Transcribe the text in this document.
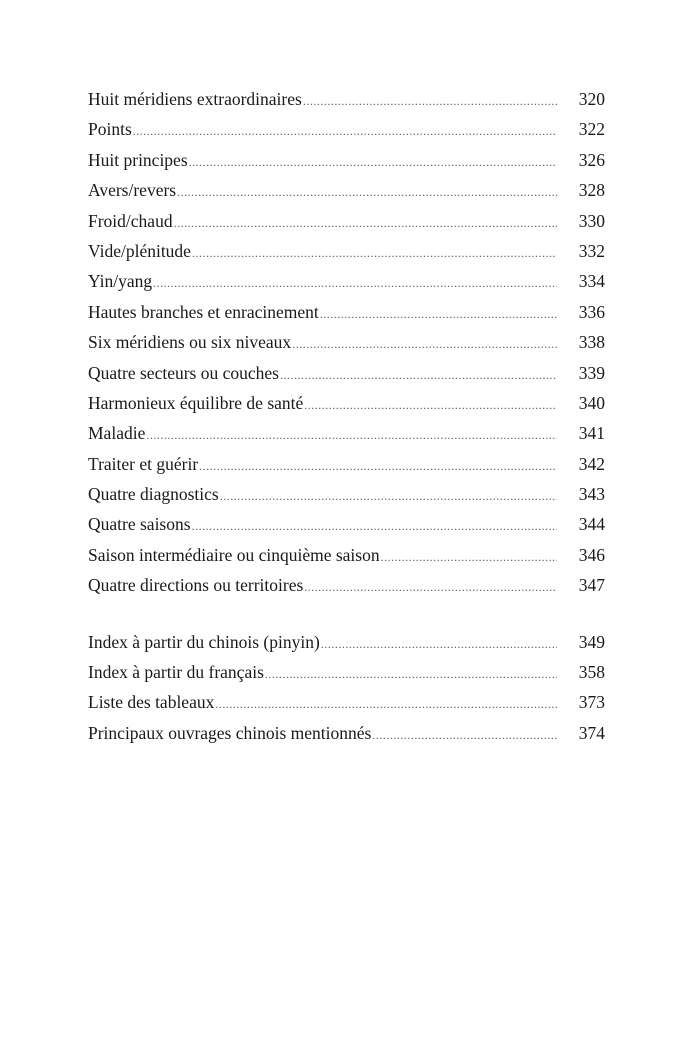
Huit méridiens extraordinaires .....	320
Points .....	322
Huit principes .....	326
Avers/revers .....	328
Froid/chaud .....	330
Vide/plénitude .....	332
Yin/yang .....	334
Hautes branches et enracinement .....	336
Six méridiens ou six niveaux .....	338
Quatre secteurs ou couches .....	339
Harmonieux équilibre de santé .....	340
Maladie .....	341
Traiter et guérir .....	342
Quatre diagnostics .....	343
Quatre saisons .....	344
Saison intermédiaire ou cinquième saison .....	346
Quatre directions ou territoires .....	347
Index à partir du chinois (pinyin) .....	349
Index à partir du français .....	358
Liste des tableaux .....	373
Principaux ouvrages chinois mentionnés .....	374
